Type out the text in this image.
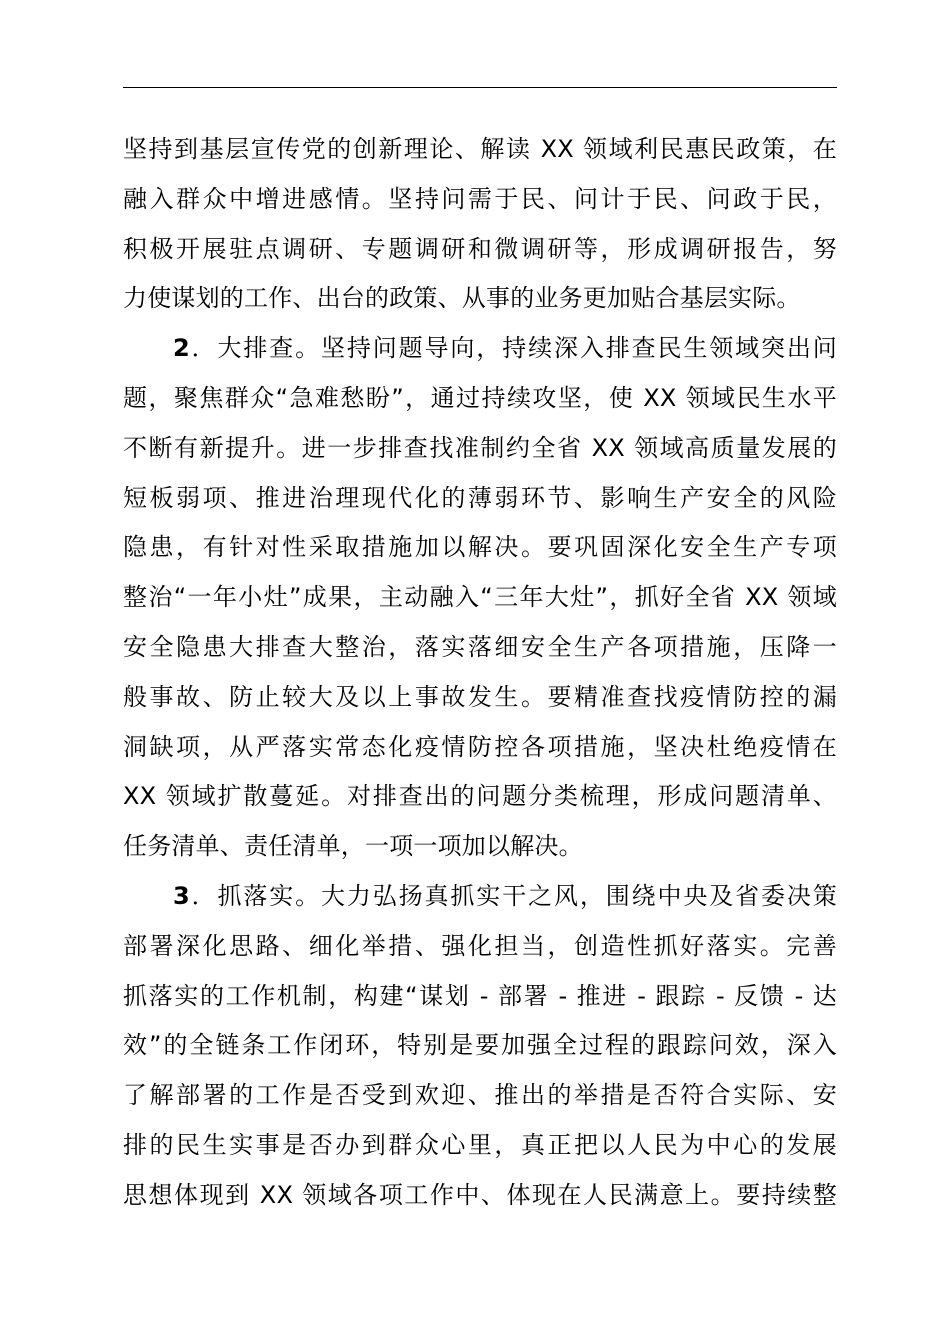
坚持到基层宣传党的创新理论、解读 XX 领域利民惠民政策，在
融入群众中增进感情。坚持问需于民、问计于民、问政于民，
积极开展驻点调研、专题调研和微调研等，形成调研报告，努
力使谋划的工作、出台的政策、从事的业务更加贴合基层实际。
2．大排查。坚持问题导向，持续深入排查民生领域突出问
题，聚焦群众“急难愁盼”，通过持续攻坚，使 XX 领域民生水平
不断有新提升。进一步排查找准制约全省 XX 领域高质量发展的
短板弱项、推进治理现代化的薄弱环节、影响生产安全的风险
隐患，有针对性采取措施加以解决。要巩固深化安全生产专项
整治“一年小灶”成果，主动融入“三年大灶”，抓好全省 XX 领域
安全隐患大排查大整治，落实落细安全生产各项措施，压降一
般事故、防止较大及以上事故发生。要精准查找疫情防控的漏
洞缺项，从严落实常态化疫情防控各项措施，坚决杜绝疫情在
XX 领域扩散蔓延。对排查出的问题分类梳理，形成问题清单、
任务清单、责任清单，一项一项加以解决。
3．抓落实。大力弘扬真抓实干之风，围绕中央及省委决策
部署深化思路、细化举措、强化担当，创造性抓好落实。完善
抓落实的工作机制，构建“谋划 - 部署 - 推进 - 跟踪 - 反馈 - 达
效”的全链条工作闭环，特别是要加强全过程的跟踪问效，深入
了解部署的工作是否受到欢迎、推出的举措是否符合实际、安
排的民生实事是否办到群众心里，真正把以人民为中心的发展
思想体现到 XX 领域各项工作中、体现在人民满意上。要持续整
